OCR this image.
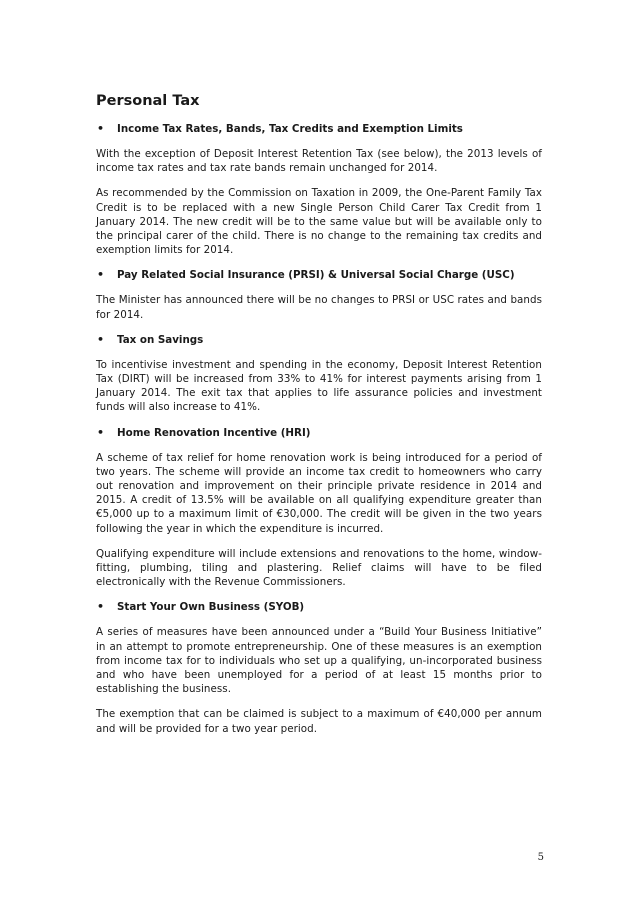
Personal Tax
•	Income Tax Rates, Bands, Tax Credits and Exemption Limits

With the exception of Deposit Interest Retention Tax (see below), the 2013 levels of income tax rates and tax rate bands remain unchanged for 2014.

As recommended by the Commission on Taxation in 2009, the One-Parent Family Tax Credit is to be replaced with a new Single Person Child Carer Tax Credit from 1 January 2014. The new credit will be to the same value but will be available only to the principal carer of the child. There is no change to the remaining tax credits and exemption limits for 2014.

•	Pay Related Social Insurance (PRSI) & Universal Social Charge (USC)

The Minister has announced there will be no changes to PRSI or USC rates and bands for 2014.

•	Tax on Savings

To incentivise investment and spending in the economy, Deposit Interest Retention Tax (DIRT) will be increased from 33% to 41% for interest payments arising from 1 January 2014. The exit tax that applies to life assurance policies and investment funds will also increase to 41%.

•	Home Renovation Incentive (HRI)

A scheme of tax relief for home renovation work is being introduced for a period of two years. The scheme will provide an income tax credit to homeowners who carry out renovation and improvement on their principle private residence in 2014 and 2015. A credit of 13.5% will be available on all qualifying expenditure greater than €5,000 up to a maximum limit of €30,000. The credit will be given in the two years following the year in which the expenditure is incurred.

Qualifying expenditure will include extensions and renovations to the home, window-fitting, plumbing, tiling and plastering. Relief claims will have to be filed electronically with the Revenue Commissioners.

•	Start Your Own Business (SYOB)

A series of measures have been announced under a “Build Your Business Initiative” in an attempt to promote entrepreneurship. One of these measures is an exemption from income tax for to individuals who set up a qualifying, un-incorporated business and who have been unemployed for a period of at least 15 months prior to establishing the business.

The exemption that can be claimed is subject to a maximum of €40,000 per annum and will be provided for a two year period.

5
